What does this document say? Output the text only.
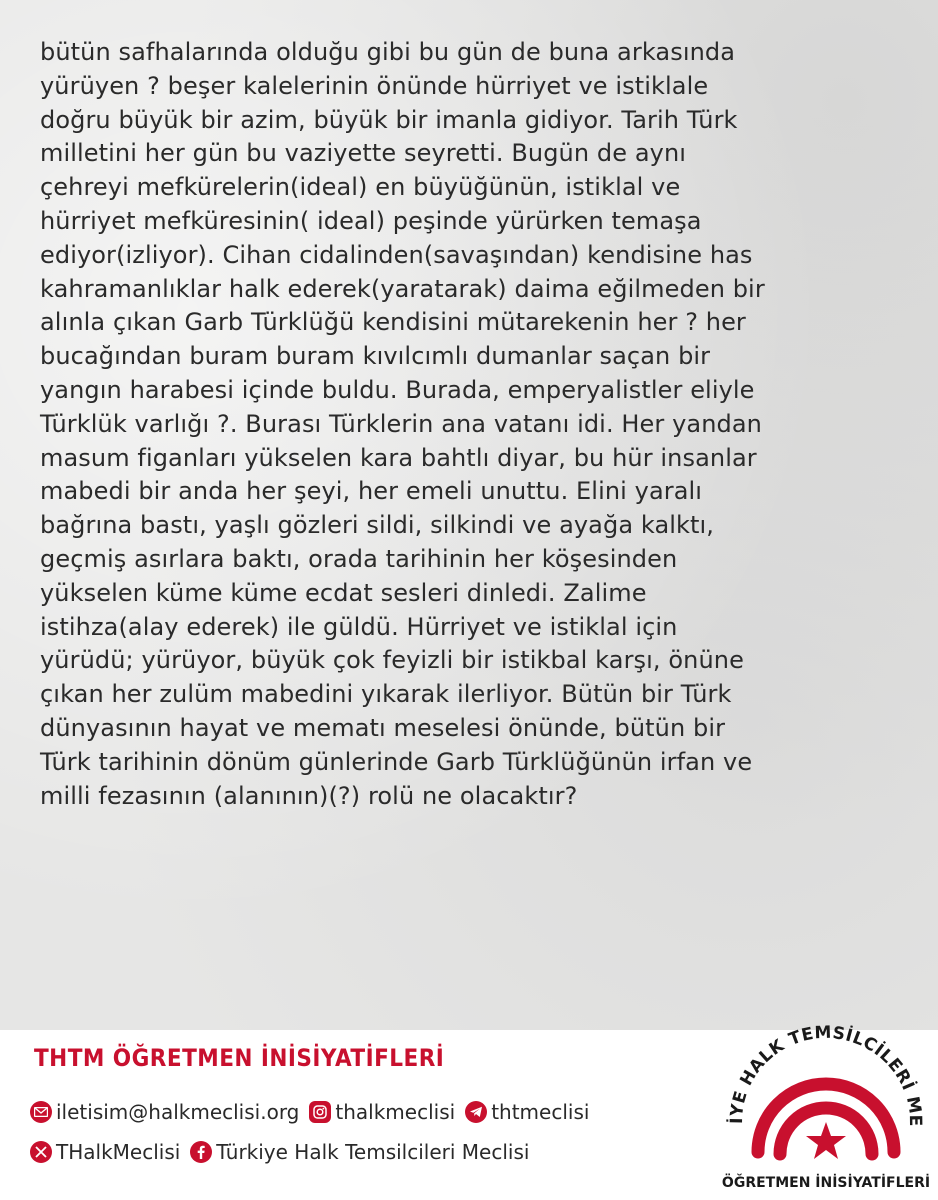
bütün safhalarında olduğu gibi bu gün de buna arkasında
yürüyen ? beşer kalelerinin önünde hürriyet ve istiklale
doğru büyük bir azim, büyük bir imanla gidiyor. Tarih Türk
milletini her gün bu vaziyette seyretti. Bugün de aynı
çehreyi mefkürelerin(ideal) en büyüğünün, istiklal ve
hürriyet mefküresinin( ideal) peşinde yürürken temaşa
ediyor(izliyor). Cihan cidalinden(savaşından) kendisine has
kahramanlıklar halk ederek(yaratarak) daima eğilmeden bir
alınla çıkan Garb Türklüğü kendisini mütarekenin her ? her
bucağından buram buram kıvılcımlı dumanlar saçan bir
yangın harabesi içinde buldu. Burada, emperyalistler eliyle
Türklük varlığı ?. Burası Türklerin ana vatanı idi. Her yandan
masum figanları yükselen kara bahtlı diyar, bu hür insanlar
mabedi bir anda her şeyi, her emeli unuttu. Elini yaralı
bağrına bastı, yaşlı gözleri sildi, silkindi ve ayağa kalktı,
geçmiş asırlara baktı, orada tarihinin her köşesinden
yükselen küme küme ecdat sesleri dinledi. Zalime
istihza(alay ederek) ile güldü. Hürriyet ve istiklal için
yürüdü; yürüyor, büyük çok feyizli bir istikbal karşı, önüne
çıkan her zulüm mabedini yıkarak ilerliyor. Bütün bir Türk
dünyasının hayat ve mematı meselesi önünde, bütün bir
Türk tarihinin dönüm günlerinde Garb Türklüğünün irfan ve
milli fezasının (alanının)(?) rolü ne olacaktır?
THTM ÖĞRETMEN İNİSİYATİFLERİ
iletisim@halkmeclisi.org thalkmeclisi thtmeclisi
THalkMeclisi Türkiye Halk Temsilcileri Meclisi
İYE HALK TEMSİLCİLERİ ME
ÖĞRETMEN İNİSİYATİFLERİ
